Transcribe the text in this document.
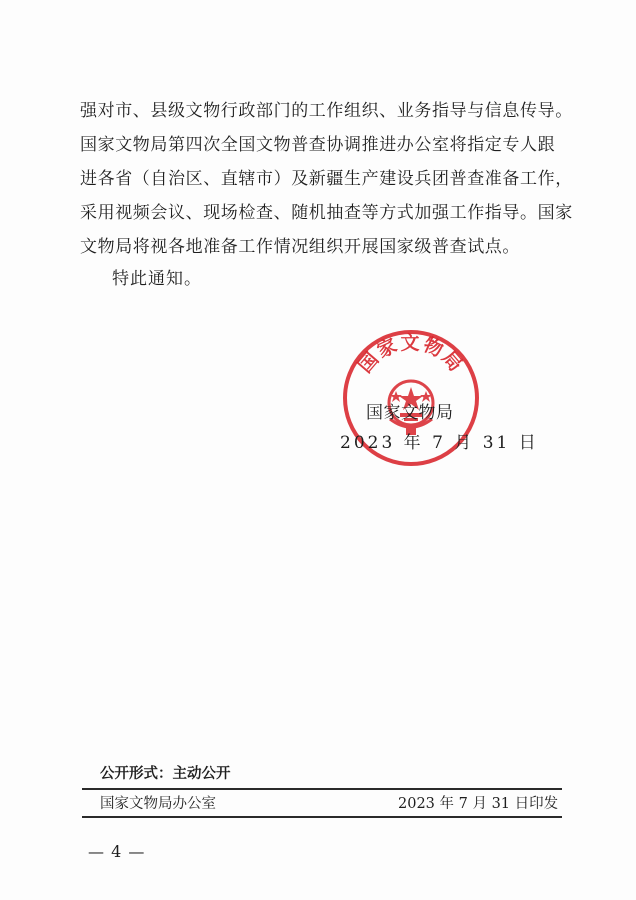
强对市、县级文物行政部门的工作组织、业务指导与信息传导。
国家文物局第四次全国文物普查协调推进办公室将指定专人跟
进各省（自治区、直辖市）及新疆生产建设兵团普查准备工作，
采用视频会议、现场检查、随机抽查等方式加强工作指导。国家
文物局将视各地准备工作情况组织开展国家级普查试点。
特此通知。
国家文物局
国家文物局
2023 年 7 月 31 日
公开形式：主动公开
国家文物局办公室	2023 年 7 月 31 日印发
— 4 —
